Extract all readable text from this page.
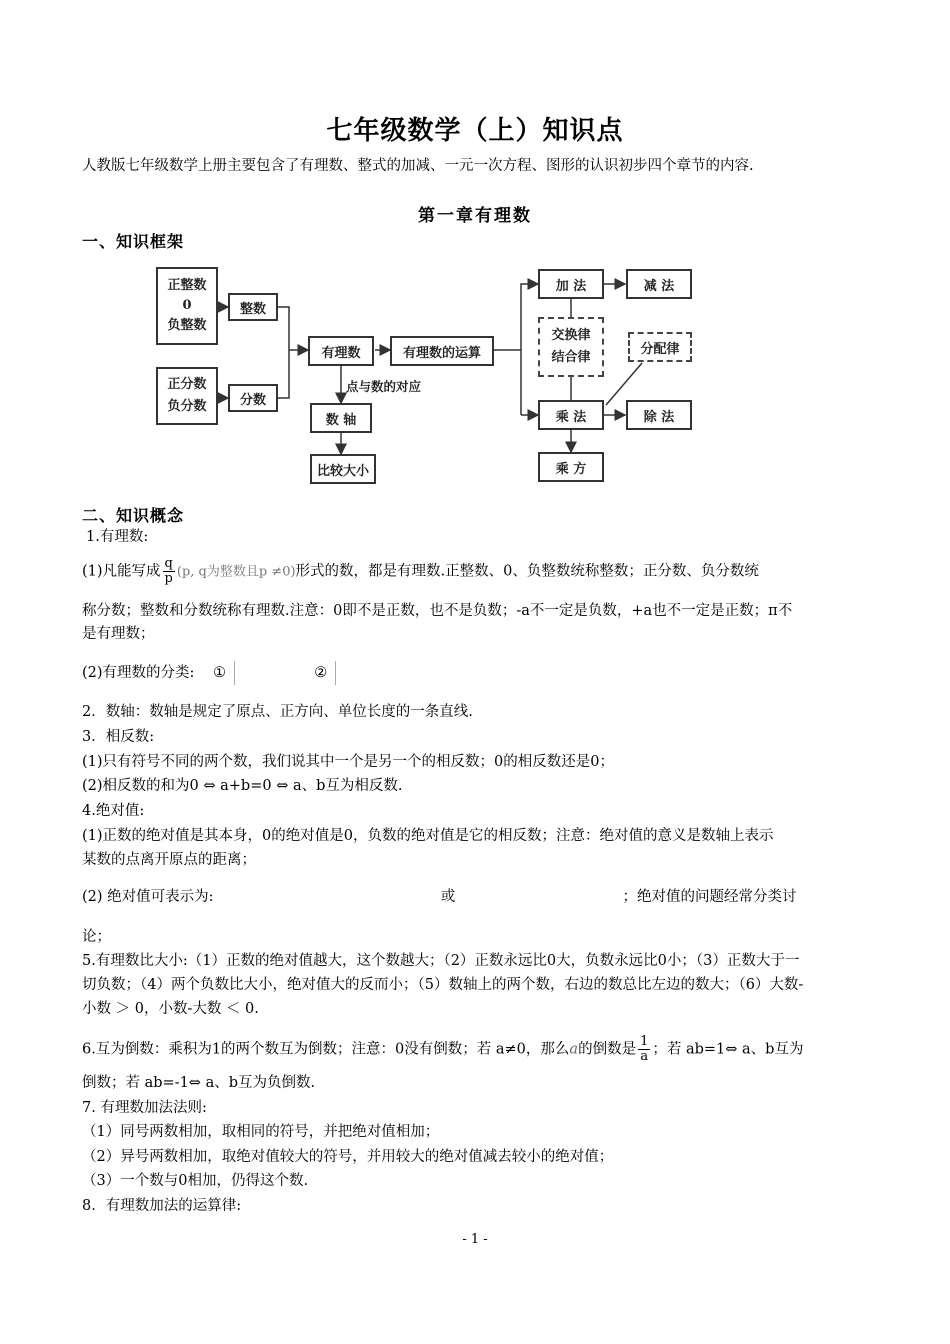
七年级数学（上）知识点
人教版七年级数学上册主要包含了有理数、整式的加减、一元一次方程、图形的认识初步四个章节的内容.
第一章有理数
一、知识框架
正整数
0
负整数
整数
正分数
负分数	分数
有理数	有理数的运算
点与数的对应
数 轴
比较大小
加 法	减 法
交换律
结合律
分配律
乘 法	除 法
乘 方
二、知识概念
1.有理数:
(1)凡能写成 $\frac{q}{p} (p$, q为整数且p ≠0)形式的数，都是有理数.正整数、0、负整数统称整数；正分数、负分数统
称分数；整数和分数统称有理数.注意：0即不是正数，也不是负数；-a不一定是负数，+a也不一定是正数；π不
是有理数；
(2)有理数的分类: ①	②
2．数轴：数轴是规定了原点、正方向、单位长度的一条直线.
3．相反数:
(1)只有符号不同的两个数，我们说其中一个是另一个的相反数；0的相反数还是0；
(2)相反数的和为0 ⇔ a+b=0 ⇔ a、b互为相反数.
4.绝对值:
(1)正数的绝对值是其本身，0的绝对值是0，负数的绝对值是它的相反数；注意：绝对值的意义是数轴上表示
某数的点离开原点的距离；
(2) 绝对值可表示为:	或	；绝对值的问题经常分类讨
论；
5.有理数比大小:（1）正数的绝对值越大，这个数越大；（2）正数永远比0大，负数永远比0小；（3）正数大于一
切负数；（4）两个负数比大小，绝对值大的反而小；（5）数轴上的两个数，右边的数总比左边的数大；（6）大数-
小数 ＞ 0，小数-大数 ＜ 0.
6.互为倒数：乘积为1的两个数互为倒数；注意：0没有倒数；若 a≠0，那么a的倒数是 $\frac{1}{a}$ ；若 ab=1⇔ a、b互为
倒数；若 ab=-1⇔ a、b互为负倒数.
7. 有理数加法法则:
（1）同号两数相加，取相同的符号，并把绝对值相加；
（2）异号两数相加，取绝对值较大的符号，并用较大的绝对值减去较小的绝对值；
（3）一个数与0相加，仍得这个数.
8．有理数加法的运算律:
- 1 -
